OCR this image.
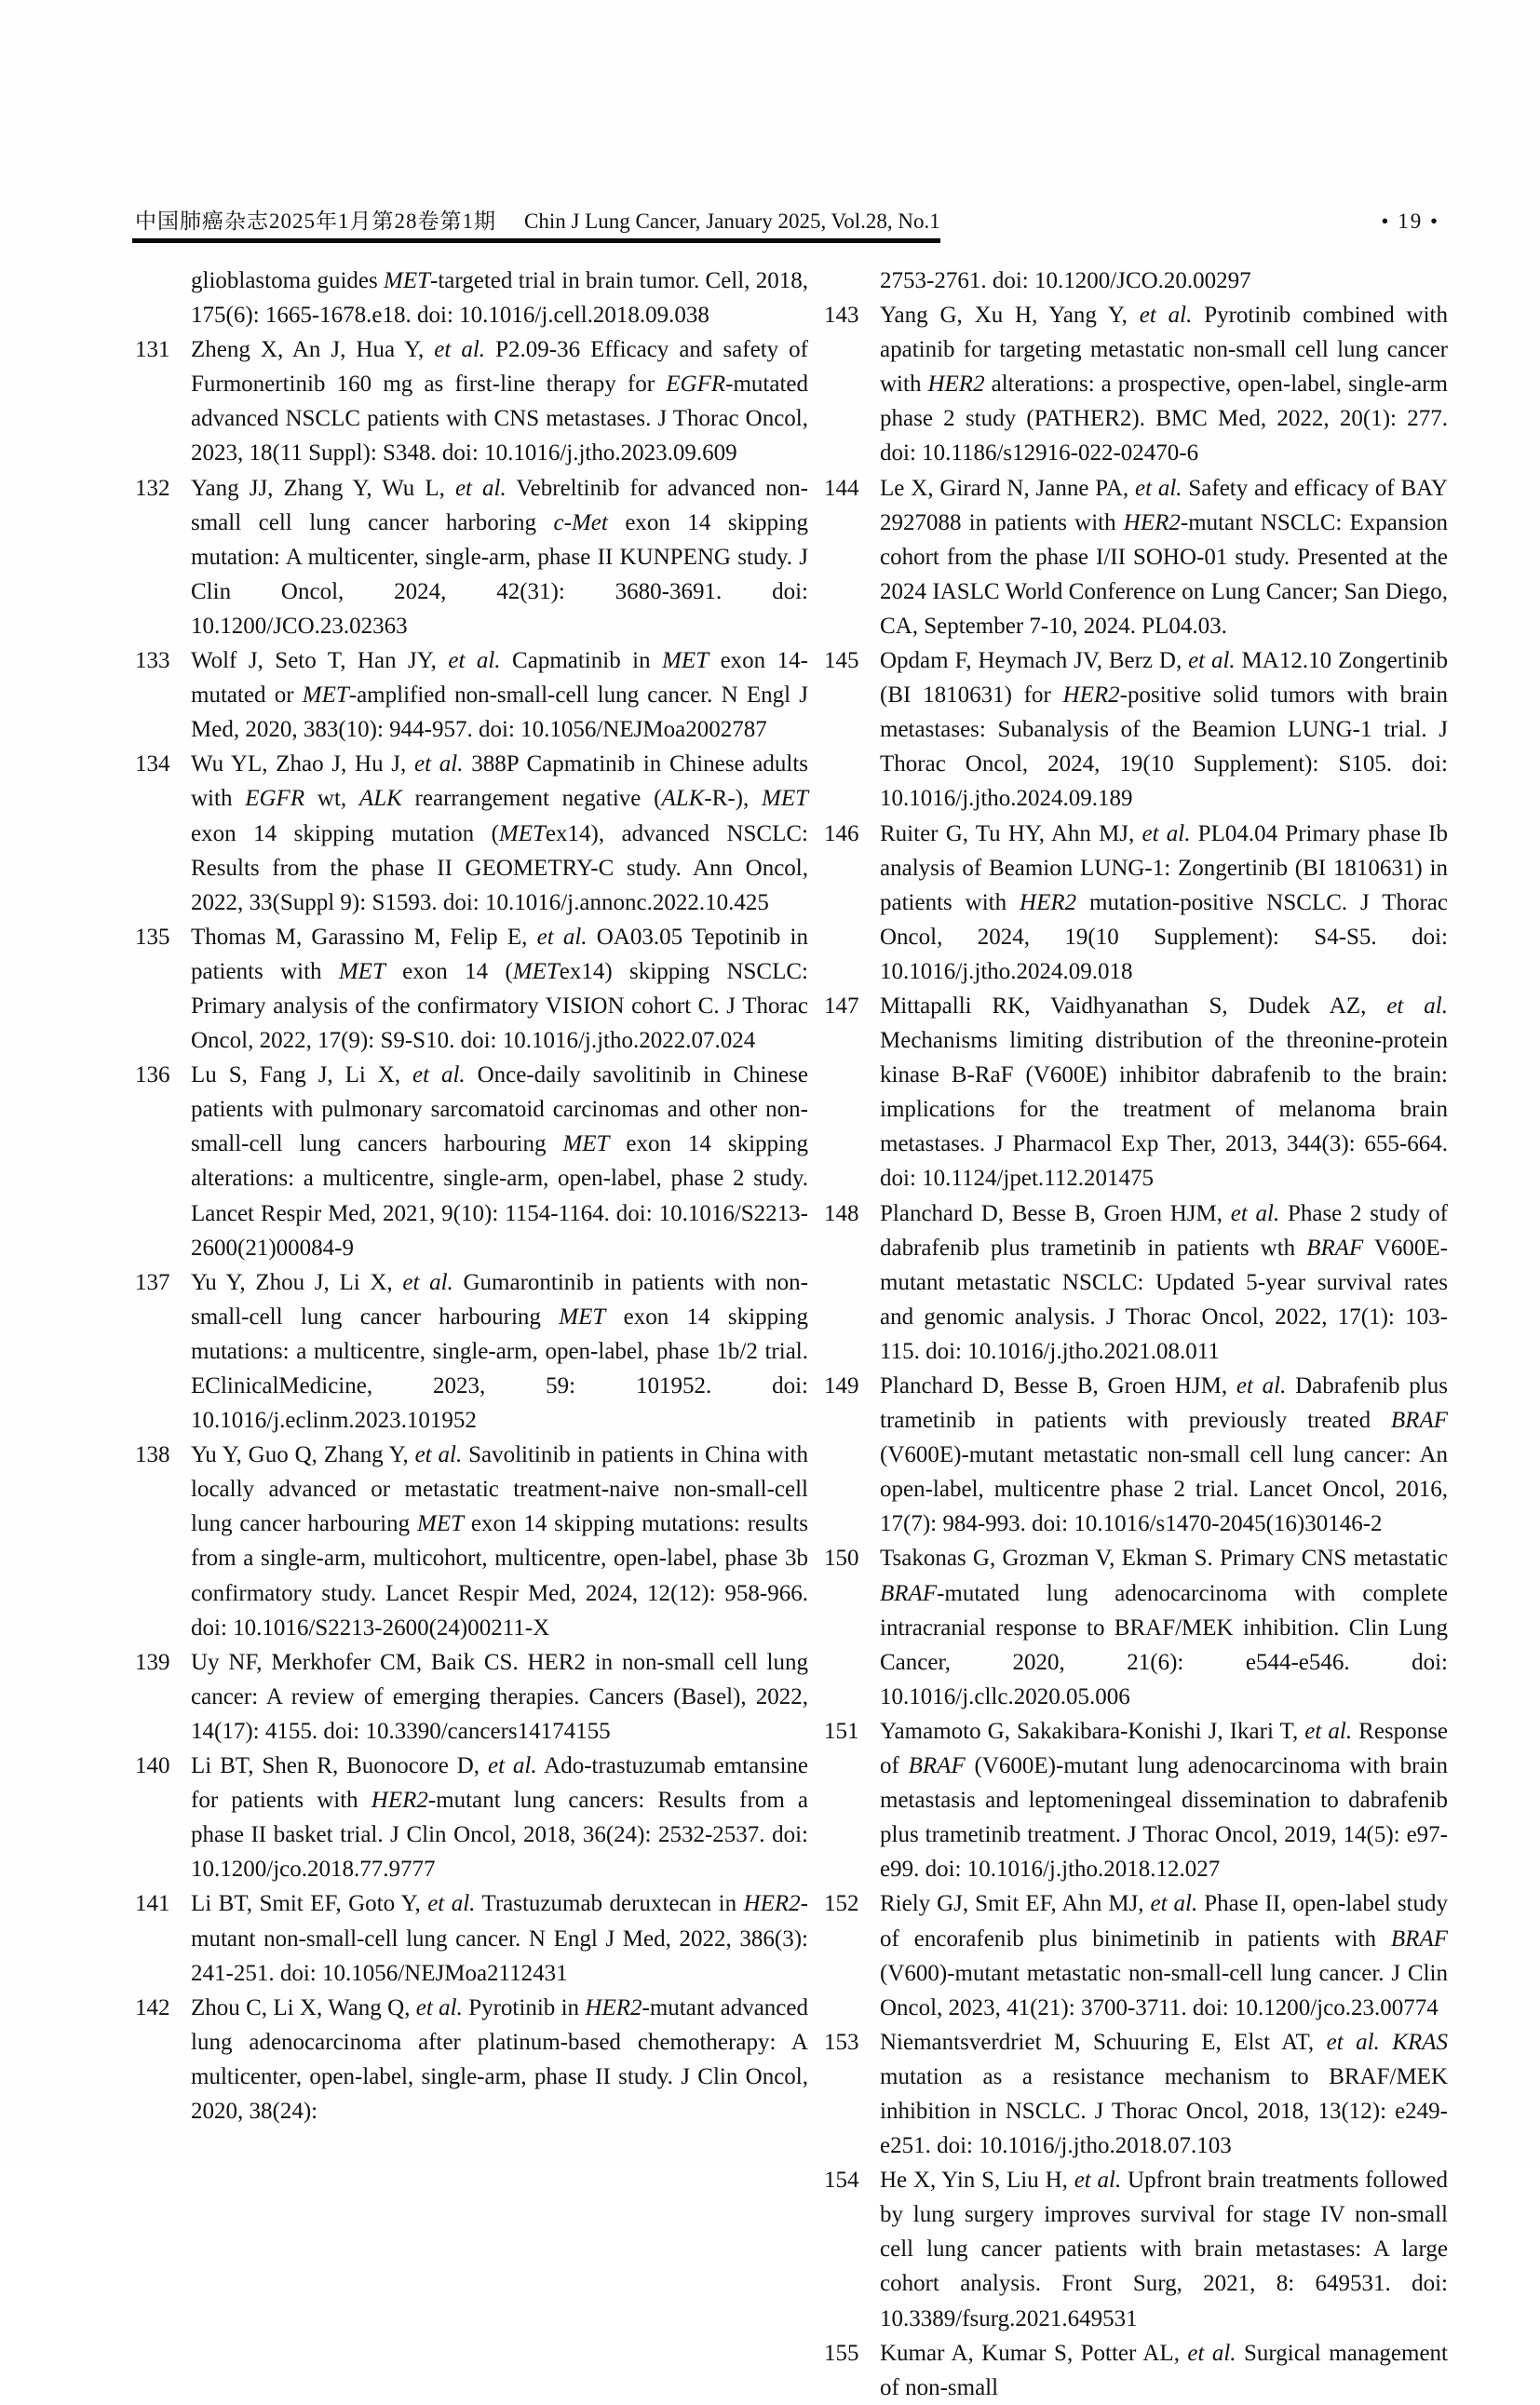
中国肺癌杂志2025年1月第28卷第1期 Chin J Lung Cancer, January 2025, Vol.28, No.1	• 19 •
glioblastoma guides MET-targeted trial in brain tumor. Cell, 2018, 175(6): 1665-1678.e18. doi: 10.1016/j.cell.2018.09.038
131 Zheng X, An J, Hua Y, et al. P2.09-36 Efficacy and safety of Furmonertinib 160 mg as first-line therapy for EGFR-mutated advanced NSCLC patients with CNS metastases. J Thorac Oncol, 2023, 18(11 Suppl): S348. doi: 10.1016/j.jtho.2023.09.609
132 Yang JJ, Zhang Y, Wu L, et al. Vebreltinib for advanced non-small cell lung cancer harboring c-Met exon 14 skipping mutation: A multicenter, single-arm, phase II KUNPENG study. J Clin Oncol, 2024, 42(31): 3680-3691. doi: 10.1200/JCO.23.02363
133 Wolf J, Seto T, Han JY, et al. Capmatinib in MET exon 14-mutated or MET-amplified non-small-cell lung cancer. N Engl J Med, 2020, 383(10): 944-957. doi: 10.1056/NEJMoa2002787
134 Wu YL, Zhao J, Hu J, et al. 388P Capmatinib in Chinese adults with EGFR wt, ALK rearrangement negative (ALK-R-), MET exon 14 skipping mutation (METex14), advanced NSCLC: Results from the phase II GEOMETRY-C study. Ann Oncol, 2022, 33(Suppl 9): S1593. doi: 10.1016/j.annonc.2022.10.425
135 Thomas M, Garassino M, Felip E, et al. OA03.05 Tepotinib in patients with MET exon 14 (METex14) skipping NSCLC: Primary analysis of the confirmatory VISION cohort C. J Thorac Oncol, 2022, 17(9): S9-S10. doi: 10.1016/j.jtho.2022.07.024
136 Lu S, Fang J, Li X, et al. Once-daily savolitinib in Chinese patients with pulmonary sarcomatoid carcinomas and other non-small-cell lung cancers harbouring MET exon 14 skipping alterations: a multicentre, single-arm, open-label, phase 2 study. Lancet Respir Med, 2021, 9(10): 1154-1164. doi: 10.1016/S2213-2600(21)00084-9
137 Yu Y, Zhou J, Li X, et al. Gumarontinib in patients with non-small-cell lung cancer harbouring MET exon 14 skipping mutations: a multicentre, single-arm, open-label, phase 1b/2 trial. EClinicalMedicine, 2023, 59: 101952. doi: 10.1016/j.eclinm.2023.101952
138 Yu Y, Guo Q, Zhang Y, et al. Savolitinib in patients in China with locally advanced or metastatic treatment-naive non-small-cell lung cancer harbouring MET exon 14 skipping mutations: results from a single-arm, multicohort, multicentre, open-label, phase 3b confirmatory study. Lancet Respir Med, 2024, 12(12): 958-966. doi: 10.1016/S2213-2600(24)00211-X
139 Uy NF, Merkhofer CM, Baik CS. HER2 in non-small cell lung cancer: A review of emerging therapies. Cancers (Basel), 2022, 14(17): 4155. doi: 10.3390/cancers14174155
140 Li BT, Shen R, Buonocore D, et al. Ado-trastuzumab emtansine for patients with HER2-mutant lung cancers: Results from a phase II basket trial. J Clin Oncol, 2018, 36(24): 2532-2537. doi: 10.1200/jco.2018.77.9777
141 Li BT, Smit EF, Goto Y, et al. Trastuzumab deruxtecan in HER2-mutant non-small-cell lung cancer. N Engl J Med, 2022, 386(3): 241-251. doi: 10.1056/NEJMoa2112431
142 Zhou C, Li X, Wang Q, et al. Pyrotinib in HER2-mutant advanced lung adenocarcinoma after platinum-based chemotherapy: A multicenter, open-label, single-arm, phase II study. J Clin Oncol, 2020, 38(24):
2753-2761. doi: 10.1200/JCO.20.00297
143 Yang G, Xu H, Yang Y, et al. Pyrotinib combined with apatinib for targeting metastatic non-small cell lung cancer with HER2 alterations: a prospective, open-label, single-arm phase 2 study (PATHER2). BMC Med, 2022, 20(1): 277. doi: 10.1186/s12916-022-02470-6
144 Le X, Girard N, Janne PA, et al. Safety and efficacy of BAY 2927088 in patients with HER2-mutant NSCLC: Expansion cohort from the phase I/II SOHO-01 study. Presented at the 2024 IASLC World Conference on Lung Cancer; San Diego, CA, September 7-10, 2024. PL04.03.
145 Opdam F, Heymach JV, Berz D, et al. MA12.10 Zongertinib (BI 1810631) for HER2-positive solid tumors with brain metastases: Subanalysis of the Beamion LUNG-1 trial. J Thorac Oncol, 2024, 19(10 Supplement): S105. doi: 10.1016/j.jtho.2024.09.189
146 Ruiter G, Tu HY, Ahn MJ, et al. PL04.04 Primary phase Ib analysis of Beamion LUNG-1: Zongertinib (BI 1810631) in patients with HER2 mutation-positive NSCLC. J Thorac Oncol, 2024, 19(10 Supplement): S4-S5. doi: 10.1016/j.jtho.2024.09.018
147 Mittapalli RK, Vaidhyanathan S, Dudek AZ, et al. Mechanisms limiting distribution of the threonine-protein kinase B-RaF (V600E) inhibitor dabrafenib to the brain: implications for the treatment of melanoma brain metastases. J Pharmacol Exp Ther, 2013, 344(3): 655-664. doi: 10.1124/jpet.112.201475
148 Planchard D, Besse B, Groen HJM, et al. Phase 2 study of dabrafenib plus trametinib in patients wth BRAF V600E-mutant metastatic NSCLC: Updated 5-year survival rates and genomic analysis. J Thorac Oncol, 2022, 17(1): 103-115. doi: 10.1016/j.jtho.2021.08.011
149 Planchard D, Besse B, Groen HJM, et al. Dabrafenib plus trametinib in patients with previously treated BRAF (V600E)-mutant metastatic non-small cell lung cancer: An open-label, multicentre phase 2 trial. Lancet Oncol, 2016, 17(7): 984-993. doi: 10.1016/s1470-2045(16)30146-2
150 Tsakonas G, Grozman V, Ekman S. Primary CNS metastatic BRAF-mutated lung adenocarcinoma with complete intracranial response to BRAF/MEK inhibition. Clin Lung Cancer, 2020, 21(6): e544-e546. doi: 10.1016/j.cllc.2020.05.006
151 Yamamoto G, Sakakibara-Konishi J, Ikari T, et al. Response of BRAF (V600E)-mutant lung adenocarcinoma with brain metastasis and leptomeningeal dissemination to dabrafenib plus trametinib treatment. J Thorac Oncol, 2019, 14(5): e97-e99. doi: 10.1016/j.jtho.2018.12.027
152 Riely GJ, Smit EF, Ahn MJ, et al. Phase II, open-label study of encorafenib plus binimetinib in patients with BRAF (V600)-mutant metastatic non-small-cell lung cancer. J Clin Oncol, 2023, 41(21): 3700-3711. doi: 10.1200/jco.23.00774
153 Niemantsverdriet M, Schuuring E, Elst AT, et al. KRAS mutation as a resistance mechanism to BRAF/MEK inhibition in NSCLC. J Thorac Oncol, 2018, 13(12): e249-e251. doi: 10.1016/j.jtho.2018.07.103
154 He X, Yin S, Liu H, et al. Upfront brain treatments followed by lung surgery improves survival for stage IV non-small cell lung cancer patients with brain metastases: A large cohort analysis. Front Surg, 2021, 8: 649531. doi: 10.3389/fsurg.2021.649531
155 Kumar A, Kumar S, Potter AL, et al. Surgical management of non-small
